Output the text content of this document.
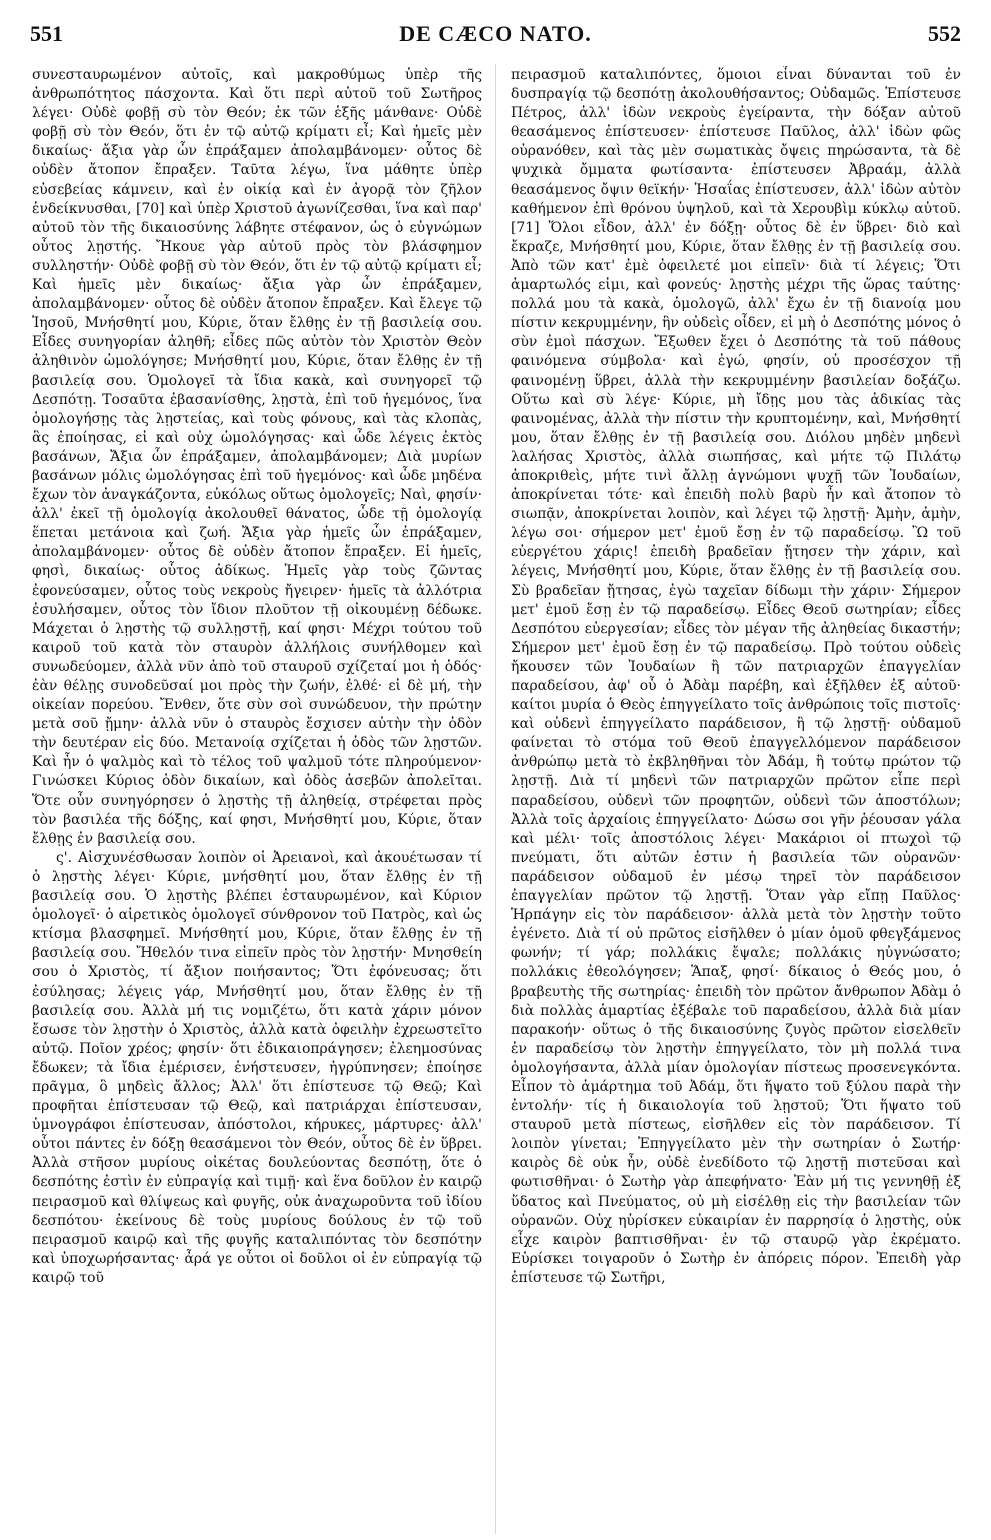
551	DE CÆCO NATO.	552

συνεσταυρωμένον αὐτοῖς, καὶ μακροθύμως ὑπὲρ τῆς ἀνθρωπότητος πάσχοντα. Καὶ ὅτι περὶ αὐτοῦ τοῦ Σωτῆρος λέγει· Οὐδὲ φοβῇ σὺ τὸν Θεόν; ἐκ τῶν ἑξῆς μάνθανε· Οὐδὲ φοβῇ σὺ τὸν Θεόν, ὅτι ἐν τῷ αὐτῷ κρίματι εἶ; Καὶ ἡμεῖς μὲν δικαίως· ἄξια γὰρ ὧν ἐπράξαμεν ἀπολαμβάνομεν· οὗτος δὲ οὐδὲν ἄτοπον ἔπραξεν. Ταῦτα λέγω, ἵνα μάθητε ὑπὲρ εὐσεβείας κάμνειν, καὶ ἐν οἰκίᾳ καὶ ἐν ἀγορᾷ τὸν ζῆλον ἐνδείκνυσθαι, [70] καὶ ὑπὲρ Χριστοῦ ἀγωνίζεσθαι, ἵνα καὶ παρ' αὐτοῦ τὸν τῆς δικαιοσύνης λάβητε στέφανον, ὡς ὁ εὐγνώμων οὗτος λῃστής. Ἤκουε γὰρ αὐτοῦ πρὸς τὸν βλάσφημον συλληστήν· Οὐδὲ φοβῇ σὺ τὸν Θεόν, ὅτι ἐν τῷ αὐτῷ κρίματι εἶ; Καὶ ἡμεῖς μὲν δικαίως· ἄξια γὰρ ὧν ἐπράξαμεν, ἀπολαμβάνομεν· οὗτος δὲ οὐδὲν ἄτοπον ἔπραξεν. Καὶ ἔλεγε τῷ Ἰησοῦ, Μνήσθητί μου, Κύριε, ὅταν ἔλθῃς ἐν τῇ βασιλείᾳ σου. Εἶδες συνηγορίαν ἀληθῆ; εἶδες πῶς αὐτὸν τὸν Χριστὸν Θεὸν ἀληθινὸν ὡμολόγησε; Μνήσθητί μου, Κύριε, ὅταν ἔλθῃς ἐν τῇ βασιλείᾳ σου. Ὁμολογεῖ τὰ ἴδια κακὰ, καὶ συνηγορεῖ τῷ Δεσπότῃ. Τοσαῦτα ἐβασανίσθης, λῃστὰ, ἐπὶ τοῦ ἡγεμόνος, ἵνα ὁμολογήσῃς τὰς λῃστείας, καὶ τοὺς φόνους, καὶ τὰς κλοπὰς, ἃς ἐποίησας, εἰ καὶ οὐχ ὡμολόγησας· καὶ ὧδε λέγεις ἐκτὸς βασάνων, Ἄξια ὧν ἐπράξαμεν, ἀπολαμβάνομεν; Διὰ μυρίων βασάνων μόλις ὡμολόγησας ἐπὶ τοῦ ἡγεμόνος· καὶ ὧδε μηδένα ἔχων τὸν ἀναγκάζοντα, εὐκόλως οὕτως ὁμολογεῖς; Ναὶ, φησίν· ἀλλ' ἐκεῖ τῇ ὁμολογίᾳ ἀκολουθεῖ θάνατος, ὧδε τῇ ὁμολογίᾳ ἕπεται μετάνοια καὶ ζωή. Ἄξια γὰρ ἡμεῖς ὧν ἐπράξαμεν, ἀπολαμβάνομεν· οὗτος δὲ οὐδὲν ἄτοπον ἔπραξεν. Εἰ ἡμεῖς, φησὶ, δικαίως· οὗτος ἀδίκως. Ἡμεῖς γὰρ τοὺς ζῶντας ἐφονεύσαμεν, οὗτος τοὺς νεκροὺς ἤγειρεν· ἡμεῖς τὰ ἀλλότρια ἐσυλήσαμεν, οὗτος τὸν ἴδιον πλοῦτον τῇ οἰκουμένῃ δέδωκε. Μάχεται ὁ λῃστὴς τῷ συλλῃστῇ, καί φησι· Μέχρι τούτου τοῦ καιροῦ τοῦ κατὰ τὸν σταυρὸν ἀλλήλοις συνήλθομεν καὶ συνωδεύομεν, ἀλλὰ νῦν ἀπὸ τοῦ σταυροῦ σχίζεταί μοι ἡ ὁδός· ἐὰν θέλῃς συνοδεῦσαί μοι πρὸς τὴν ζωήν, ἐλθέ· εἰ δὲ μή, τὴν οἰκείαν πορεύου. Ἔνθεν, ὅτε σὺν σοὶ συνώδευον, τὴν πρώτην μετὰ σοῦ ᾔμην· ἀλλὰ νῦν ὁ σταυρὸς ἔσχισεν αὐτὴν τὴν ὁδὸν τὴν δευτέραν εἰς δύο. Μετανοίᾳ σχίζεται ἡ ὁδὸς τῶν λῃστῶν. Καὶ ἦν ὁ ψαλμὸς καὶ τὸ τέλος τοῦ ψαλμοῦ τότε πληρούμενον· Γινώσκει Κύριος ὁδὸν δικαίων, καὶ ὁδὸς ἀσεβῶν ἀπολεῖται. Ὅτε οὖν συνηγόρησεν ὁ λῃστὴς τῇ ἀληθείᾳ, στρέφεται πρὸς τὸν βασιλέα τῆς δόξης, καί φησι, Μνήσθητί μου, Κύριε, ὅταν ἔλθῃς ἐν βασιλείᾳ σου.

ς'. Αἰσχυνέσθωσαν λοιπὸν οἱ Ἀρειανοὶ, καὶ ἀκουέτωσαν τί ὁ λῃστὴς λέγει· Κύριε, μνήσθητί μου, ὅταν ἔλθῃς ἐν τῇ βασιλείᾳ σου. Ὁ λῃστὴς βλέπει ἐσταυρωμένον, καὶ Κύριον ὁμολογεῖ· ὁ αἱρετικὸς ὁμολογεῖ σύνθρονον τοῦ Πατρὸς, καὶ ὡς κτίσμα βλασφημεῖ. Μνήσθητί μου, Κύριε, ὅταν ἔλθῃς ἐν τῇ βασιλείᾳ σου. Ἤθελόν τινα εἰπεῖν πρὸς τὸν λῃστήν· Μνησθείη σου ὁ Χριστὸς, τί ἄξιον ποιήσαντος; Ὅτι ἐφόνευσας; ὅτι ἐσύλησας; λέγεις γάρ, Μνήσθητί μου, ὅταν ἔλθῃς ἐν τῇ βασιλείᾳ σου. Ἀλλὰ μή τις νομιζέτω, ὅτι κατὰ χάριν μόνον ἔσωσε τὸν λῃστὴν ὁ Χριστὸς, ἀλλὰ κατὰ ὀφειλὴν ἐχρεωστεῖτο αὐτῷ. Ποῖον χρέος; φησίν· ὅτι ἐδικαιοπράγησεν; ἐλεημοσύνας ἔδωκεν; τὰ ἴδια ἐμέρισεν, ἐνήστευσεν, ἠγρύπνησεν; ἐποίησε πρᾶγμα, ὃ μηδεὶς ἄλλος; Ἀλλ' ὅτι ἐπίστευσε τῷ Θεῷ; Καὶ προφῆται ἐπίστευσαν τῷ Θεῷ, καὶ πατριάρχαι ἐπίστευσαν, ὑμνογράφοι ἐπίστευσαν, ἀπόστολοι, κήρυκες, μάρτυρες· ἀλλ' οὗτοι πάντες ἐν δόξῃ θεασάμενοι τὸν Θεόν, οὗτος δὲ ἐν ὕβρει. Ἀλλὰ στῆσον μυρίους οἰκέτας δουλεύοντας δεσπότῃ, ὅτε ὁ δεσπότης ἐστὶν ἐν εὐπραγίᾳ καὶ τιμῇ· καὶ ἕνα δοῦλον ἐν καιρῷ πειρασμοῦ καὶ θλίψεως καὶ φυγῆς, οὐκ ἀναχωροῦντα τοῦ ἰδίου δεσπότου· ἐκείνους δὲ τοὺς μυρίους δούλους ἐν τῷ τοῦ πειρασμοῦ καιρῷ καὶ τῆς φυγῆς καταλιπόντας τὸν δεσπότην καὶ ὑποχωρήσαντας· ἆρά γε οὗτοι οἱ δοῦλοι οἱ ἐν εὐπραγίᾳ τῷ καιρῷ τοῦ

πειρασμοῦ καταλιπόντες, ὅμοιοι εἶναι δύνανται τοῦ ἐν δυσπραγίᾳ τῷ δεσπότῃ ἀκολουθήσαντος; Οὐδαμῶς. Ἐπίστευσε Πέτρος, ἀλλ' ἰδὼν νεκροὺς ἐγείραντα, τὴν δόξαν αὐτοῦ θεασάμενος ἐπίστευσεν· ἐπίστευσε Παῦλος, ἀλλ' ἰδὼν φῶς οὐρανόθεν, καὶ τὰς μὲν σωματικὰς ὄψεις πηρώσαντα, τὰ δὲ ψυχικὰ ὄμματα φωτίσαντα· ἐπίστευσεν Ἀβραάμ, ἀλλὰ θεασάμενος ὄψιν θεϊκήν· Ἡσαΐας ἐπίστευσεν, ἀλλ' ἰδὼν αὐτὸν καθήμενον ἐπὶ θρόνου ὑψηλοῦ, καὶ τὰ Χερουβὶμ κύκλῳ αὐτοῦ. [71] Ὅλοι εἶδον, ἀλλ' ἐν δόξῃ· οὗτος δὲ ἐν ὕβρει· διὸ καὶ ἔκραζε, Μνήσθητί μου, Κύριε, ὅταν ἔλθῃς ἐν τῇ βασιλείᾳ σου. Ἀπὸ τῶν κατ' ἐμὲ ὀφειλετέ μοι εἰπεῖν· διὰ τί λέγεις; Ὅτι ἁμαρτωλός εἰμι, καὶ φονεύς· λῃστὴς μέχρι τῆς ὥρας ταύτης· πολλά μου τὰ κακὰ, ὁμολογῶ, ἀλλ' ἔχω ἐν τῇ διανοίᾳ μου πίστιν κεκρυμμένην, ἣν οὐδεὶς οἶδεν, εἰ μὴ ὁ Δεσπότης μόνος ὁ σὺν ἐμοὶ πάσχων. Ἔξωθεν ἔχει ὁ Δεσπότης τὰ τοῦ πάθους φαινόμενα σύμβολα· καὶ ἐγώ, φησίν, οὐ προσέσχον τῇ φαινομένῃ ὕβρει, ἀλλὰ τὴν κεκρυμμένην βασιλείαν δοξάζω. Οὕτω καὶ σὺ λέγε· Κύριε, μὴ ἴδῃς μου τὰς ἀδικίας τὰς φαινομένας, ἀλλὰ τὴν πίστιν τὴν κρυπτομένην, καὶ, Μνήσθητί μου, ὅταν ἔλθῃς ἐν τῇ βασιλείᾳ σου. Διόλου μηδὲν μηδενὶ λαλήσας Χριστὸς, ἀλλὰ σιωπήσας, καὶ μήτε τῷ Πιλάτῳ ἀποκριθεὶς, μήτε τινὶ ἄλλῃ ἀγνώμονι ψυχῇ τῶν Ἰουδαίων, ἀποκρίνεται τότε· καὶ ἐπειδὴ πολὺ βαρὺ ἦν καὶ ἄτοπον τὸ σιωπᾷν, ἀποκρίνεται λοιπὸν, καὶ λέγει τῷ λῃστῇ· Ἀμὴν, ἀμὴν, λέγω σοι· σήμερον μετ' ἐμοῦ ἔσῃ ἐν τῷ παραδείσῳ. Ὢ τοῦ εὐεργέτου χάρις! ἐπειδὴ βραδεῖαν ᾔτησεν τὴν χάριν, καὶ λέγεις, Μνήσθητί μου, Κύριε, ὅταν ἔλθῃς ἐν τῇ βασιλείᾳ σου. Σὺ βραδεῖαν ᾔτησας, ἐγὼ ταχεῖαν δίδωμι τὴν χάριν· Σήμερον μετ' ἐμοῦ ἔσῃ ἐν τῷ παραδείσῳ. Εἶδες Θεοῦ σωτηρίαν; εἶδες Δεσπότου εὐεργεσίαν; εἶδες τὸν μέγαν τῆς ἀληθείας δικαστήν; Σήμερον μετ' ἐμοῦ ἔσῃ ἐν τῷ παραδείσῳ. Πρὸ τούτου οὐδεὶς ἤκουσεν τῶν Ἰουδαίων ἢ τῶν πατριαρχῶν ἐπαγγελίαν παραδείσου, ἀφ' οὗ ὁ Ἀδὰμ παρέβη, καὶ ἐξῆλθεν ἐξ αὐτοῦ· καίτοι μυρία ὁ Θεὸς ἐπηγγείλατο τοῖς ἀνθρώποις τοῖς πιστοῖς· καὶ οὐδενὶ ἐπηγγείλατο παράδεισον, ἢ τῷ λῃστῇ· οὐδαμοῦ φαίνεται τὸ στόμα τοῦ Θεοῦ ἐπαγγελλόμενον παράδεισον ἀνθρώπῳ μετὰ τὸ ἐκβληθῆναι τὸν Ἀδάμ, ἢ τούτῳ πρώτον τῷ λῃστῇ. Διὰ τί μηδενὶ τῶν πατριαρχῶν πρῶτον εἶπε περὶ παραδείσου, οὐδενὶ τῶν προφητῶν, οὐδενὶ τῶν ἀποστόλων; Ἀλλὰ τοῖς ἀρχαίοις ἐπηγγείλατο· Δώσω σοι γῆν ῥέουσαν γάλα καὶ μέλι· τοῖς ἀποστόλοις λέγει· Μακάριοι οἱ πτωχοὶ τῷ πνεύματι, ὅτι αὐτῶν ἐστιν ἡ βασιλεία τῶν οὐρανῶν· παράδεισον οὐδαμοῦ ἐν μέσῳ τηρεῖ τὸν παράδεισον ἐπαγγελίαν πρῶτον τῷ λῃστῇ. Ὅταν γὰρ εἴπῃ Παῦλος· Ἡρπάγην εἰς τὸν παράδεισον· ἀλλὰ μετὰ τὸν λῃστὴν τοῦτο ἐγένετο. Διὰ τί οὐ πρῶτος εἰσῆλθεν ὁ μίαν ὁμοῦ φθεγξάμενος φωνήν; τί γάρ; πολλάκις ἔψαλε; πολλάκις ηὐγνώσατο; πολλάκις ἐθεολόγησεν; Ἅπαξ, φησί· δίκαιος ὁ Θεός μου, ὁ βραβευτὴς τῆς σωτηρίας· ἐπειδὴ τὸν πρῶτον ἄνθρωπον Ἀδὰμ ὁ διὰ πολλὰς ἁμαρτίας ἐξέβαλε τοῦ παραδείσου, ἀλλὰ διὰ μίαν παρακοήν· οὕτως ὁ τῆς δικαιοσύνης ζυγὸς πρῶτον εἰσελθεῖν ἐν παραδείσῳ τὸν λῃστὴν ἐπηγγείλατο, τὸν μὴ πολλά τινα ὁμολογήσαντα, ἀλλὰ μίαν ὁμολογίαν πίστεως προσενεγκόντα. Εἶπον τὸ ἁμάρτημα τοῦ Ἀδάμ, ὅτι ἥψατο τοῦ ξύλου παρὰ τὴν ἐντολήν· τίς ἡ δικαιολογία τοῦ λῃστοῦ; Ὅτι ἥψατο τοῦ σταυροῦ μετὰ πίστεως, εἰσῆλθεν εἰς τὸν παράδεισον. Τί λοιπὸν γίνεται; Ἐπηγγείλατο μὲν τὴν σωτηρίαν ὁ Σωτήρ· καιρὸς δὲ οὐκ ἦν, οὐδὲ ἐνεδίδοτο τῷ λῃστῇ πιστεῦσαι καὶ φωτισθῆναι· ὁ Σωτὴρ γὰρ ἀπεφήνατο· Ἐὰν μή τις γεννηθῇ ἐξ ὕδατος καὶ Πνεύματος, οὐ μὴ εἰσέλθῃ εἰς τὴν βασιλείαν τῶν οὐρανῶν. Οὐχ ηὑρίσκεν εὐκαιρίαν ἐν παρρησίᾳ ὁ λῃστὴς, οὐκ εἶχε καιρὸν βαπτισθῆναι· ἐν τῷ σταυρῷ γὰρ ἐκρέματο. Εὑρίσκει τοιγαροῦν ὁ Σωτὴρ ἐν ἀπόρεις πόρον. Ἐπειδὴ γὰρ ἐπίστευσε τῷ Σωτῆρι,
